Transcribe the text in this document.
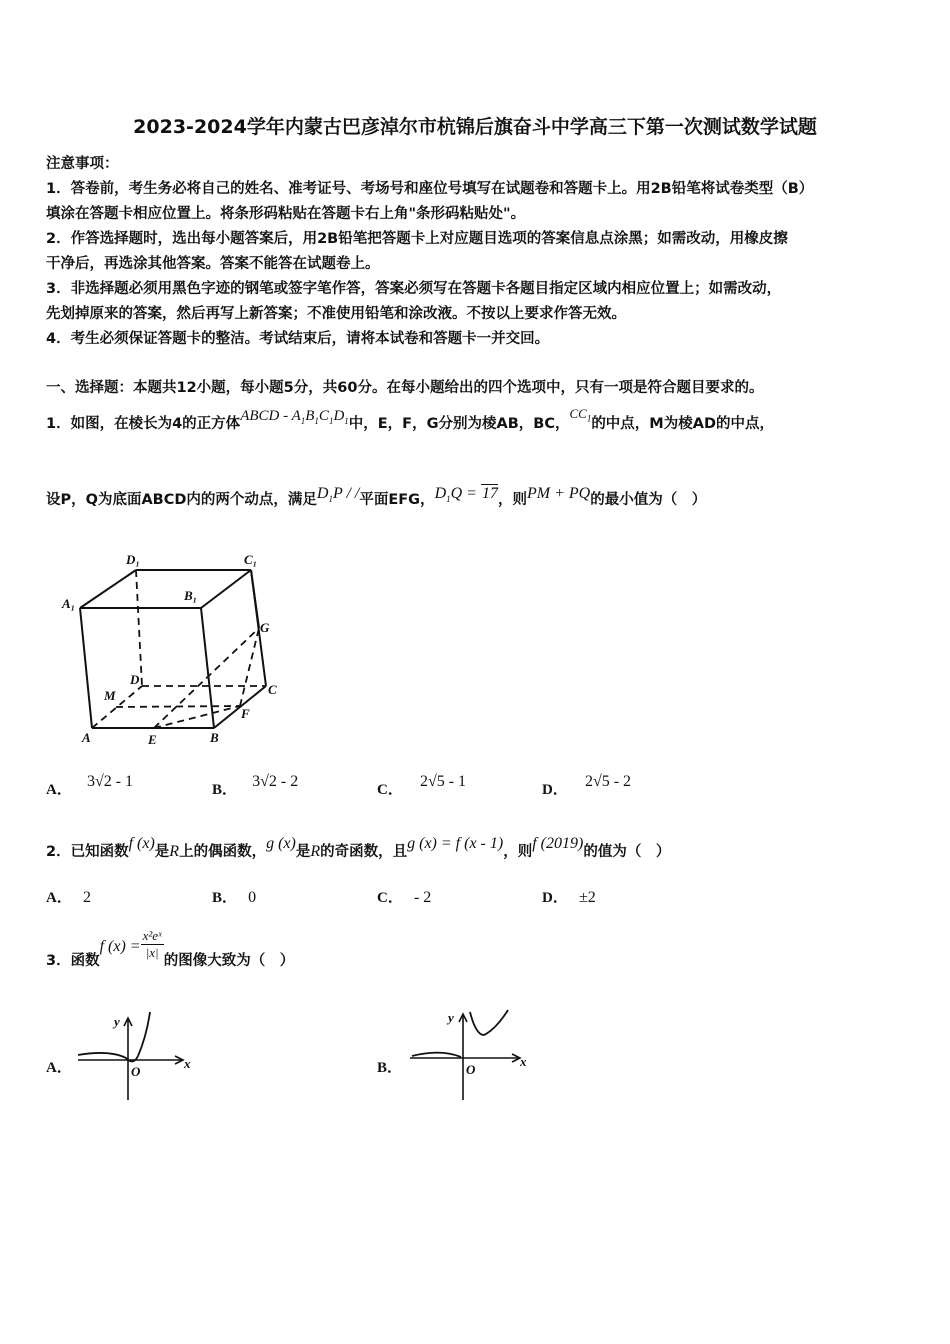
2023-2024学年内蒙古巴彦淖尔市杭锦后旗奋斗中学高三下第一次测试数学试题
注意事项：
1．答卷前，考生务必将自己的姓名、准考证号、考场号和座位号填写在试题卷和答题卡上。用2B铅笔将试卷类型（B）
填涂在答题卡相应位置上。将条形码粘贴在答题卡右上角"条形码粘贴处"。
2．作答选择题时，选出每小题答案后，用2B铅笔把答题卡上对应题目选项的答案信息点涂黑；如需改动，用橡皮擦
干净后，再选涂其他答案。答案不能答在试题卷上。
3．非选择题必须用黑色字迹的钢笔或签字笔作答，答案必须写在答题卡各题目指定区域内相应位置上；如需改动，
先划掉原来的答案，然后再写上新答案；不准使用铅笔和涂改液。不按以上要求作答无效。
4．考生必须保证答题卡的整洁。考试结束后，请将本试卷和答题卡一并交回。
一、选择题：本题共12小题，每小题5分，共60分。在每小题给出的四个选项中，只有一项是符合题目要求的。
1．如图，在棱长为4的正方体ABCD - $A_1B_1C_1D_1$中，E，F，G分别为棱AB，BC，$CC_1$的中点，M为棱AD的中点，
设P，Q为底面ABCD内的两个动点，满足$D_1P$ / /平面EFG，$D_1Q = 17$，则PM + PQ的最小值为（　）
D₁	C₁
A₁
B₁
G
D
C
M
F
A	E	B
A． 3√2 - 1	B． 3√2 - 2	C． 2√5 - 1	D． 2√5 - 2
2．已知函数f (x)是R上的偶函数，g (x)是R的奇函数，且g (x) = f (x - 1)，则f (2019)的值为（　）
A． 2	B． 0	C． - 2	D． ±2
3．函数f $(x) = \frac{\text{x²eˣ}}{|x|}$ 的图像大致为（　）
A．
y
x
O	B．
y
x
O
